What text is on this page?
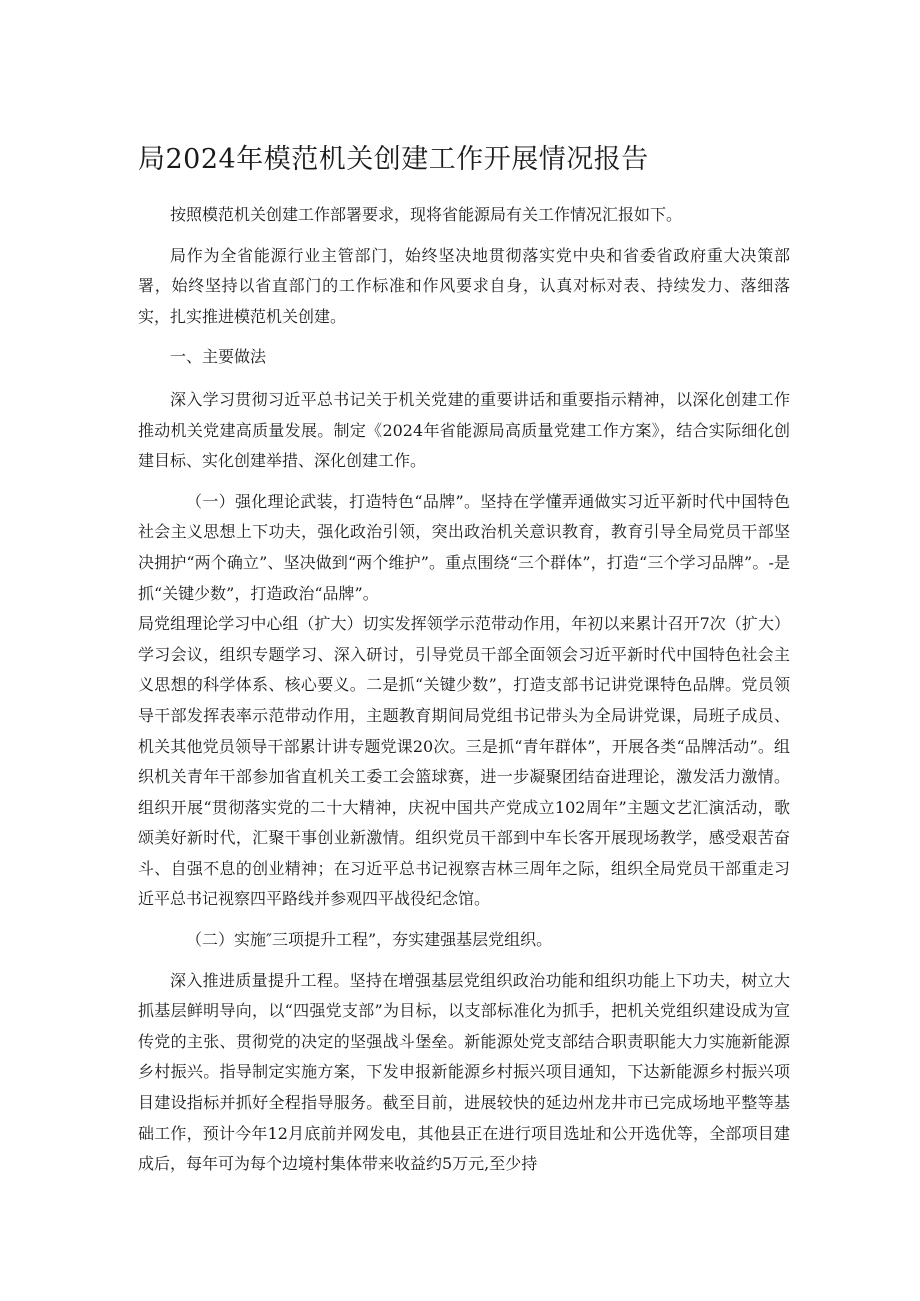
局2024年模范机关创建工作开展情况报告

按照模范机关创建工作部署要求，现将省能源局有关工作情况汇报如下。

局作为全省能源行业主管部门，始终坚决地贯彻落实党中央和省委省政府重大决策部署，始终坚持以省直部门的工作标准和作风要求自身，认真对标对表、持续发力、落细落实，扎实推进模范机关创建。

一、主要做法

深入学习贯彻习近平总书记关于机关党建的重要讲话和重要指示精神，以深化创建工作推动机关党建高质量发展。制定《2024年省能源局高质量党建工作方案》，结合实际细化创建目标、实化创建举措、深化创建工作。

（一）强化理论武装，打造特色“品牌”。坚持在学懂弄通做实习近平新时代中国特色社会主义思想上下功夫，强化政治引领，突出政治机关意识教育，教育引导全局党员干部坚决拥护“两个确立”、坚决做到“两个维护”。重点围绕“三个群体”，打造“三个学习品牌”。-是抓“关键少数”，打造政治“品牌”。

局党组理论学习中心组（扩大）切实发挥领学示范带动作用，年初以来累计召开7次（扩大）学习会议，组织专题学习、深入研讨，引导党员干部全面领会习近平新时代中国特色社会主义思想的科学体系、核心要义。二是抓“关键少数”，打造支部书记讲党课特色品牌。党员领导干部发挥表率示范带动作用，主题教育期间局党组书记带头为全局讲党课，局班子成员、机关其他党员领导干部累计讲专题党课20次。三是抓“青年群体”，开展各类“品牌活动”。组织机关青年干部参加省直机关工委工会篮球赛，进一步凝聚团结奋进理论，激发活力激情。组织开展“贯彻落实党的二十大精神，庆祝中国共产党成立102周年”主题文艺汇演活动，歌颂美好新时代，汇聚干事创业新激情。组织党员干部到中车长客开展现场教学，感受艰苦奋斗、自强不息的创业精神；在习近平总书记视察吉林三周年之际，组织全局党员干部重走习近平总书记视察四平路线并参观四平战役纪念馆。

（二）实施″三项提升工程”，夯实建强基层党组织。

深入推进质量提升工程。坚持在增强基层党组织政治功能和组织功能上下功夫，树立大抓基层鲜明导向，以“四强党支部”为目标，以支部标准化为抓手，把机关党组织建设成为宣传党的主张、贯彻党的决定的坚强战斗堡垒。新能源处党支部结合职责职能大力实施新能源乡村振兴。指导制定实施方案，下发申报新能源乡村振兴项目通知，下达新能源乡村振兴项目建设指标并抓好全程指导服务。截至目前，进展较快的延边州龙井市已完成场地平整等基础工作，预计今年12月底前并网发电，其他县正在进行项目选址和公开选优等，全部项目建成后，每年可为每个边境村集体带来收益约5万元,至少持
